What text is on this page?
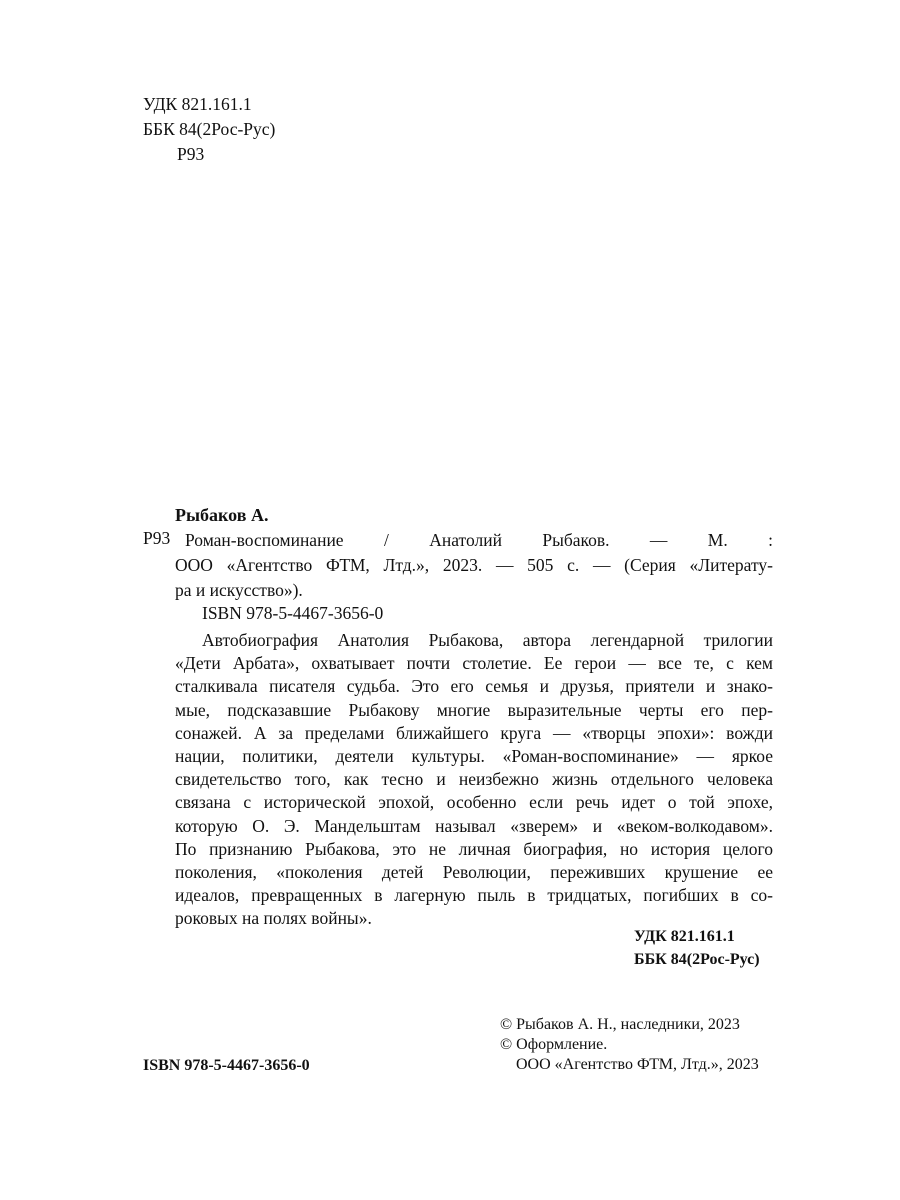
УДК 821.161.1
ББК 84(2Рос-Рус)
Р93
Рыбаков А.
Р93 Роман-воспоминание / Анатолий Рыбаков. — М. :
ООО «Агентство ФТМ, Лтд.», 2023. — 505 с. — (Серия «Литерату-
ра и искусство»).
ISBN 978-5-4467-3656-0
Автобиография Анатолия Рыбакова, автора легендарной трилогии
«Дети Арбата», охватывает почти столетие. Ее герои — все те, с кем
сталкивала писателя судьба. Это его семья и друзья, приятели и знако-
мые, подсказавшие Рыбакову многие выразительные черты его пер-
сонажей. А за пределами ближайшего круга — «творцы эпохи»: вожди
нации, политики, деятели культуры. «Роман-воспоминание» — яркое
свидетельство того, как тесно и неизбежно жизнь отдельного человека
связана с исторической эпохой, особенно если речь идет о той эпохе,
которую О. Э. Мандельштам называл «зверем» и «веком-волкодавом».
По признанию Рыбакова, это не личная биография, но история целого
поколения, «поколения детей Революции, переживших крушение ее
идеалов, превращенных в лагерную пыль в тридцатых, погибших в со-
роковых на полях войны».
УДК 821.161.1
ББК 84(2Рос-Рус)
© Рыбаков А. Н., наследники, 2023
© Оформление.
ООО «Агентство ФТМ, Лтд.», 2023
ISBN 978-5-4467-3656-0
